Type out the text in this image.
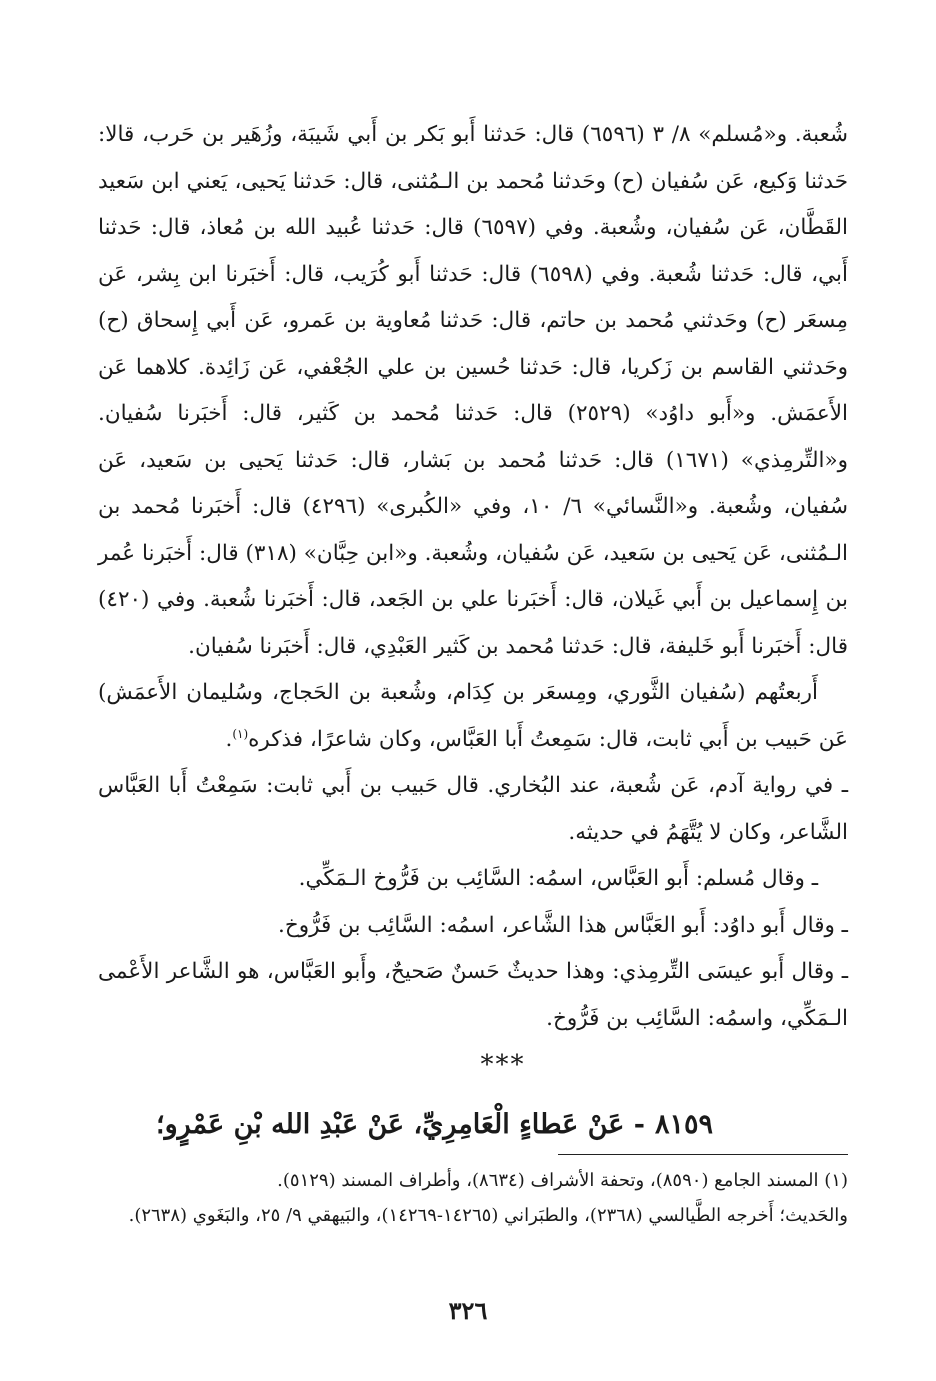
شُعبة. و«مُسلم» ٨/ ٣ (٦٥٩٦) قال: حَدثنا أَبو بَكر بن أَبي شَيبَة، وزُهَير بن حَرب، قالا: حَدثنا وَكيع، عَن سُفيان (ح) وحَدثنا مُحمد بن الـمُثنى، قال: حَدثنا يَحيى، يَعني ابن سَعيد القَطَّان، عَن سُفيان، وشُعبة. وفي (٦٥٩٧) قال: حَدثنا عُبيد الله بن مُعاذ، قال: حَدثنا أَبي، قال: حَدثنا شُعبة. وفي (٦٥٩٨) قال: حَدثنا أَبو كُرَيب، قال: أَخبَرنا ابن بِشر، عَن مِسعَر (ح) وحَدثني مُحمد بن حاتم، قال: حَدثنا مُعاوية بن عَمرو، عَن أَبي إِسحاق (ح) وحَدثني القاسم بن زَكريا، قال: حَدثنا حُسين بن علي الجُعْفي، عَن زَائِدة. كلاهما عَن الأَعمَش. و«أَبو داوُد» (٢٥٢٩) قال: حَدثنا مُحمد بن كَثير، قال: أَخبَرنا سُفيان. و«التِّرمِذي» (١٦٧١) قال: حَدثنا مُحمد بن بَشار، قال: حَدثنا يَحيى بن سَعيد، عَن سُفيان، وشُعبة. و«النَّسائي» ٦/ ١٠، وفي «الكُبرى» (٤٢٩٦) قال: أَخبَرنا مُحمد بن الـمُثنى، عَن يَحيى بن سَعيد، عَن سُفيان، وشُعبة. و«ابن حِبَّان» (٣١٨) قال: أَخبَرنا عُمر بن إِسماعيل بن أَبي غَيلان، قال: أَخبَرنا علي بن الجَعد، قال: أَخبَرنا شُعبة. وفي (٤٢٠) قال: أَخبَرنا أَبو خَليفة، قال: حَدثنا مُحمد بن كَثير العَبْدِي، قال: أَخبَرنا سُفيان.

أَربعتُهم (سُفيان الثَّوري، ومِسعَر بن كِدَام، وشُعبة بن الحَجاج، وسُليمان الأَعمَش) عَن حَبيب بن أَبي ثابت، قال: سَمِعتُ أَبا العَبَّاس، وكان شاعرًا، فذكره$^{(١)}$.

ـ في رواية آدم، عَن شُعبة، عند البُخاري. قال حَبيب بن أَبي ثابت: سَمِعْتُ أَبا العَبَّاس الشَّاعر، وكان لا يُتَّهَمُ في حديثه.

ـ وقال مُسلم: أَبو العَبَّاس، اسمُه: السَّائِب بن فَرُّوخ الـمَكِّي.

ـ وقال أَبو داوُد: أَبو العَبَّاس هذا الشَّاعر، اسمُه: السَّائِب بن فَرُّوخ.

ـ وقال أَبو عيسَى التِّرمِذي: وهذا حديثٌ حَسنٌ صَحيحٌ، وأَبو العَبَّاس، هو الشَّاعر الأَعْمى الـمَكِّي، واسمُه: السَّائِب بن فَرُّوخ.

***
٨١٥٩- عَنْ عَطاءٍ الْعَامِرِيِّ، عَنْ عَبْدِ الله بْنِ عَمْرٍو؛

(١) المسند الجامع (٨٥٩٠)، وتحفة الأشراف (٨٦٣٤)، وأطراف المسند (٥١٢٩).

والحَديث؛ أَخرجه الطَّيالسي (٢٣٦٨)، والطبَراني (١٤٢٦٥-١٤٢٦٩)، والبَيهقي ٩/ ٢٥، والبَغَوي (٢٦٣٨).

٣٢٦
